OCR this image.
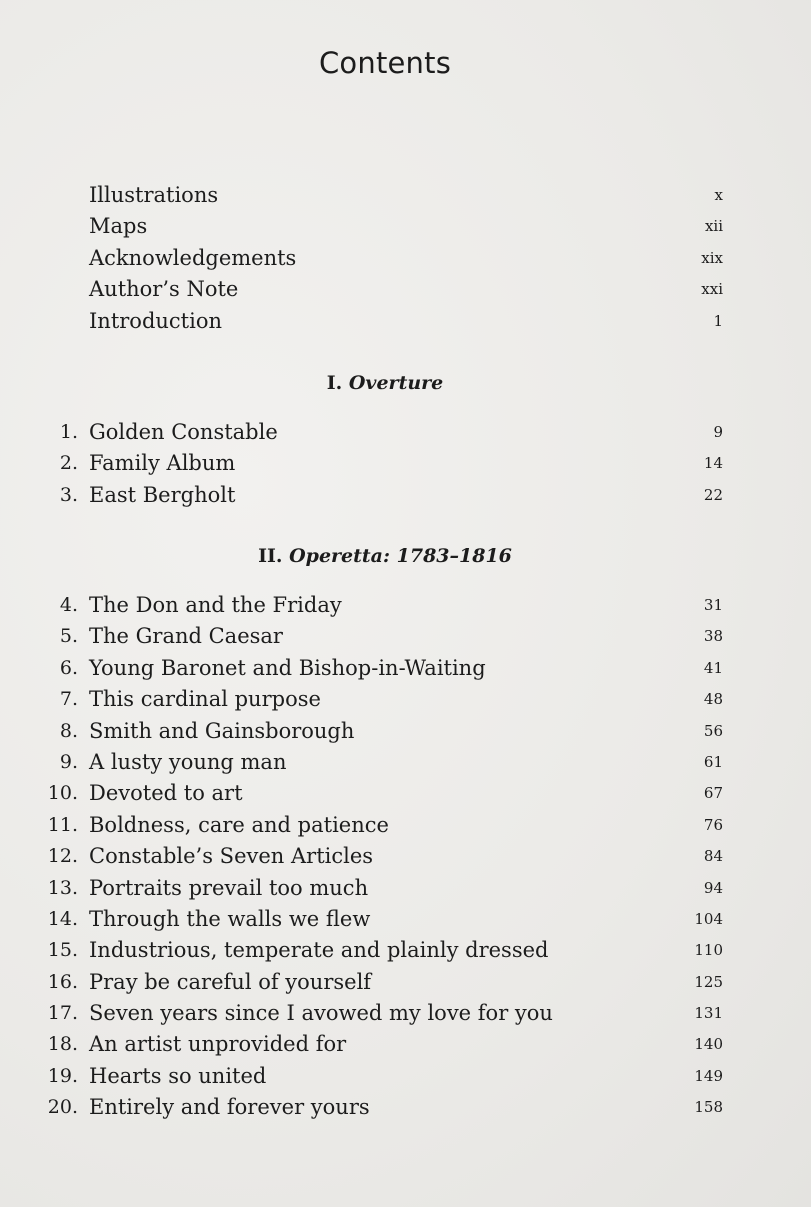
Contents
Illustrations	x
Maps	xii
Acknowledgements	xix
Author’s Note	xxi
Introduction	1
I. Overture
1. Golden Constable	9
2. Family Album	14
3. East Bergholt	22
II. Operetta: 1783–1816
4. The Don and the Friday	31
5. The Grand Caesar	38
6. Young Baronet and Bishop-in-Waiting	41
7. This cardinal purpose	48
8. Smith and Gainsborough	56
9. A lusty young man	61
10. Devoted to art	67
11. Boldness, care and patience	76
12. Constable’s Seven Articles	84
13. Portraits prevail too much	94
14. Through the walls we flew	104
15. Industrious, temperate and plainly dressed	110
16. Pray be careful of yourself	125
17. Seven years since I avowed my love for you	131
18. An artist unprovided for	140
19. Hearts so united	149
20. Entirely and forever yours	158
